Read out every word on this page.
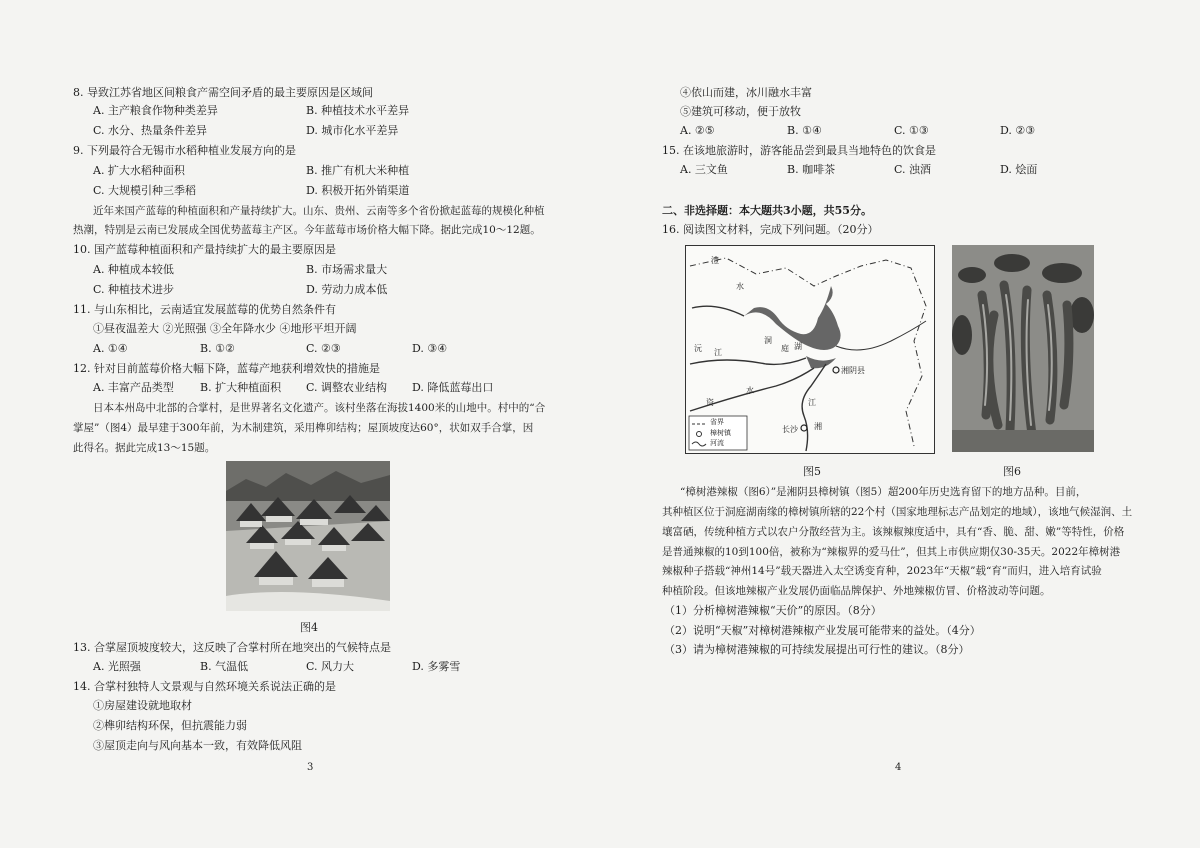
8. 导致江苏省地区间粮食产需空间矛盾的最主要原因是区域间
A. 主产粮食作物种类差异	B. 种植技术水平差异
C. 水分、热量条件差异	D. 城市化水平差异
9. 下列最符合无锡市水稻种植业发展方向的是
A. 扩大水稻种面积	B. 推广有机大米种植
C. 大规模引种三季稻	D. 积极开拓外销渠道
近年来国产蓝莓的种植面积和产量持续扩大。山东、贵州、云南等多个省份掀起蓝莓的规模化种植
热潮，特别是云南已发展成全国优势蓝莓主产区。今年蓝莓市场价格大幅下降。据此完成10～12题。
10. 国产蓝莓种植面积和产量持续扩大的最主要原因是
A. 种植成本较低	B. 市场需求量大
C. 种植技术进步	D. 劳动力成本低
11. 与山东相比，云南适宜发展蓝莓的优势自然条件有
①昼夜温差大 ②光照强 ③全年降水少 ④地形平坦开阔
A. ①④	B. ①②	C. ②③	D. ③④
12. 针对目前蓝莓价格大幅下降，蓝莓产地获利增效快的措施是
A. 丰富产品类型 B. 扩大种植面积 C. 调整农业结构 D. 降低蓝莓出口
日本本州岛中北部的合掌村，是世界著名文化遗产。该村坐落在海拔1400米的山地中。村中的“合
掌屋”（图4）最早建于300年前，为木制建筑，采用榫卯结构；屋顶坡度达60°，状如双手合掌，因
此得名。据此完成13～15题。
图4
13. 合掌屋顶坡度较大，这反映了合掌村所在地突出的气候特点是
A. 光照强	B. 气温低	C. 风力大	D. 多雾雪
14. 合掌村独特人文景观与自然环境关系说法正确的是
①房屋建设就地取材
②榫卯结构环保，但抗震能力弱
③屋顶走向与风向基本一致，有效降低风阻
3
④依山而建，冰川融水丰富
⑤建筑可移动，便于放牧
A. ②⑤	B. ①④	C. ①③	D. ②③
15. 在该地旅游时，游客能品尝到最具当地特色的饮食是
A. 三文鱼	B. 咖啡茶	C. 浊酒	D. 烩面
二、非选择题：本大题共3小题，共55分。
16. 阅读图文材料，完成下列问题。（20分）
澧
水
沅 江
湘
江
资
水
洞
庭 湖
湘阴县
长沙
省界
樟树镇
河流
图5	图6
“樟树港辣椒（图6）”是湘阴县樟树镇（图5）超200年历史选育留下的地方品种。目前，
其种植区位于洞庭湖南缘的樟树镇所辖的22个村（国家地理标志产品划定的地域），该地气候湿润、土
壤富硒，传统种植方式以农户分散经营为主。该辣椒辣度适中，具有“香、脆、甜、嫩”等特性，价格
是普通辣椒的10到100倍，被称为“辣椒界的爱马仕”，但其上市供应期仅30-35天。2022年樟树港
辣椒种子搭载“神州14号”载天器进入太空诱变育种，2023年“天椒”载“育”而归，进入培育试验
种植阶段。但该地辣椒产业发展仍面临品牌保护、外地辣椒仿冒、价格波动等问题。
（1）分析樟树港辣椒“天价”的原因。（8分）
（2）说明“天椒”对樟树港辣椒产业发展可能带来的益处。（4分）
（3）请为樟树港辣椒的可持续发展提出可行性的建议。（8分）
4
